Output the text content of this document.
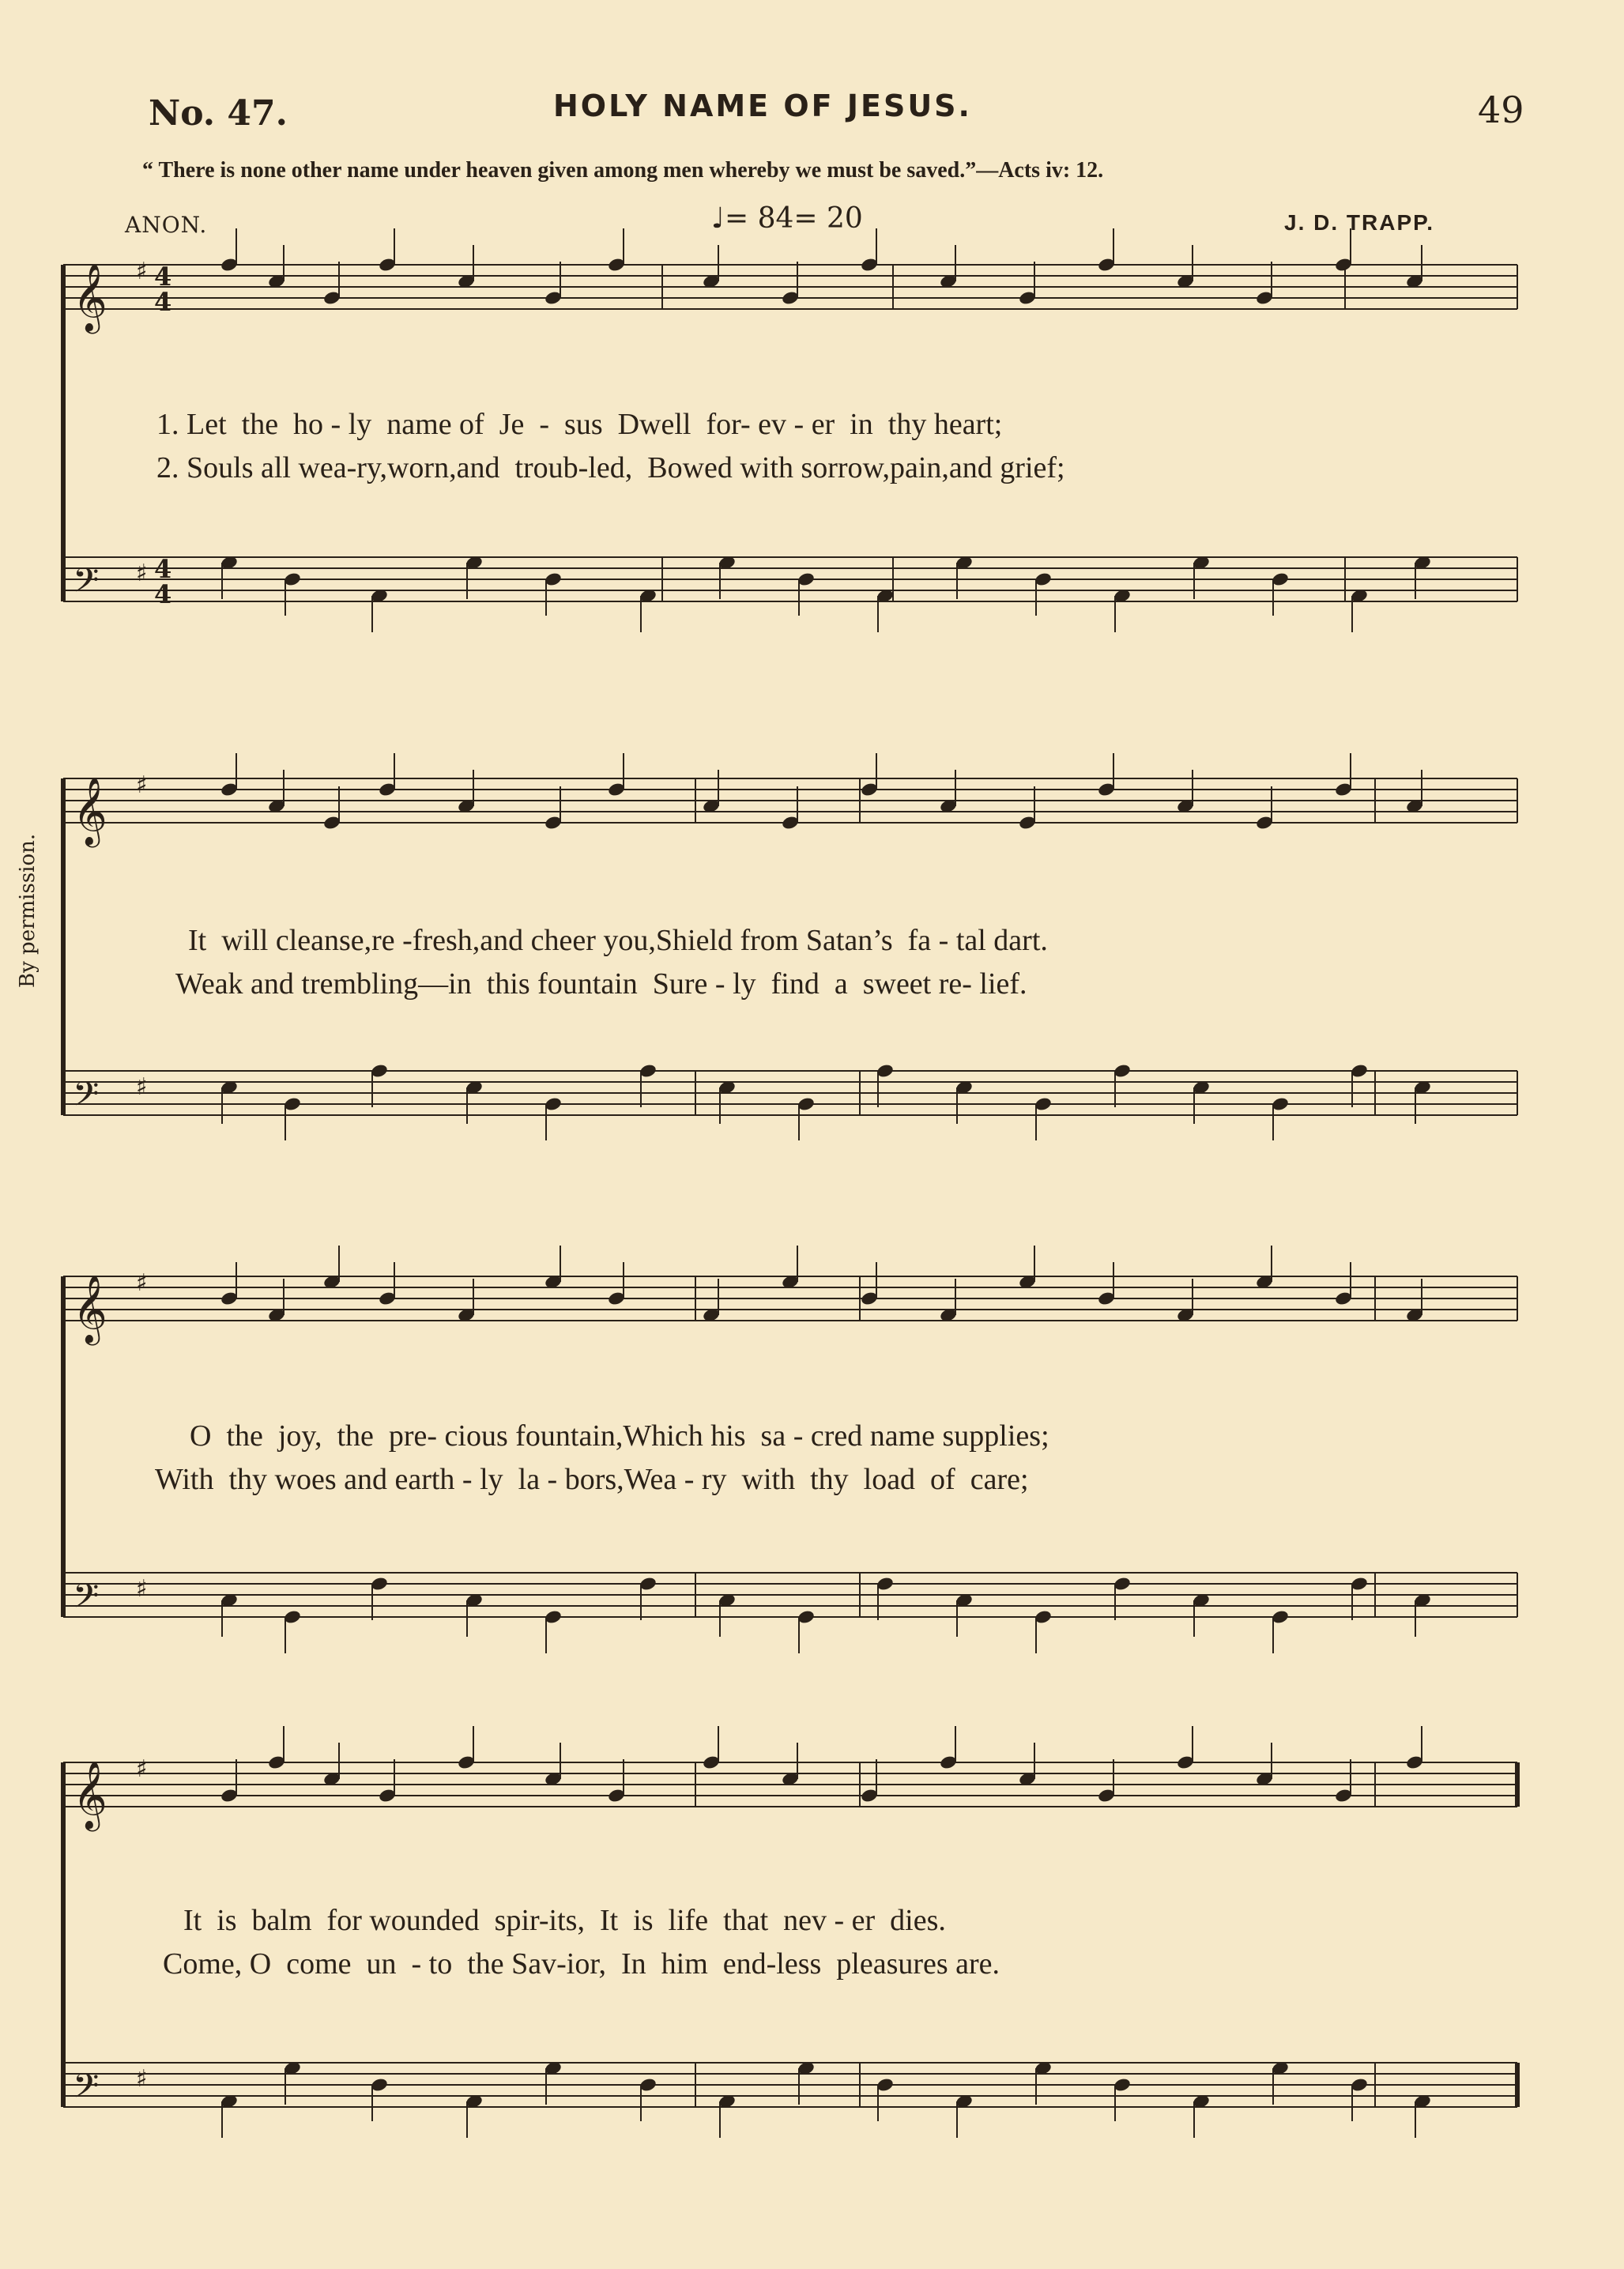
No. 47.	HOLY NAME OF JESUS.	49
“ There is none other name under heaven given among men whereby we must be saved.”—Acts iv: 12.
ANON.	♩= 84= 20	J. D. TRAPP.
By permission.
𝄞 ♯
𝄢 ♯
4
4
4
4
𝄞 ♯
𝄢 ♯
𝄞 ♯
𝄢 ♯
𝄞 ♯
𝄢 ♯
1. Let  the  ho - ly  name of  Je  -  sus  Dwell  for- ev - er  in  thy heart;
2. Souls all wea-ry,worn,and  troub-led,  Bowed with sorrow,pain,and grief;
It  will cleanse,re -fresh,and cheer you,Shield from Satan’s  fa - tal dart.
Weak and trembling—in  this fountain  Sure - ly  find  a  sweet re- lief.
O  the  joy,  the  pre- cious fountain,Which his  sa - cred name supplies;
With  thy woes and earth - ly  la - bors,Wea - ry  with  thy  load  of  care;
It  is  balm  for wounded  spir-its,  It  is  life  that  nev - er  dies.
Come, O  come  un  - to  the Sav-ior,  In  him  end-less  pleasures are.
